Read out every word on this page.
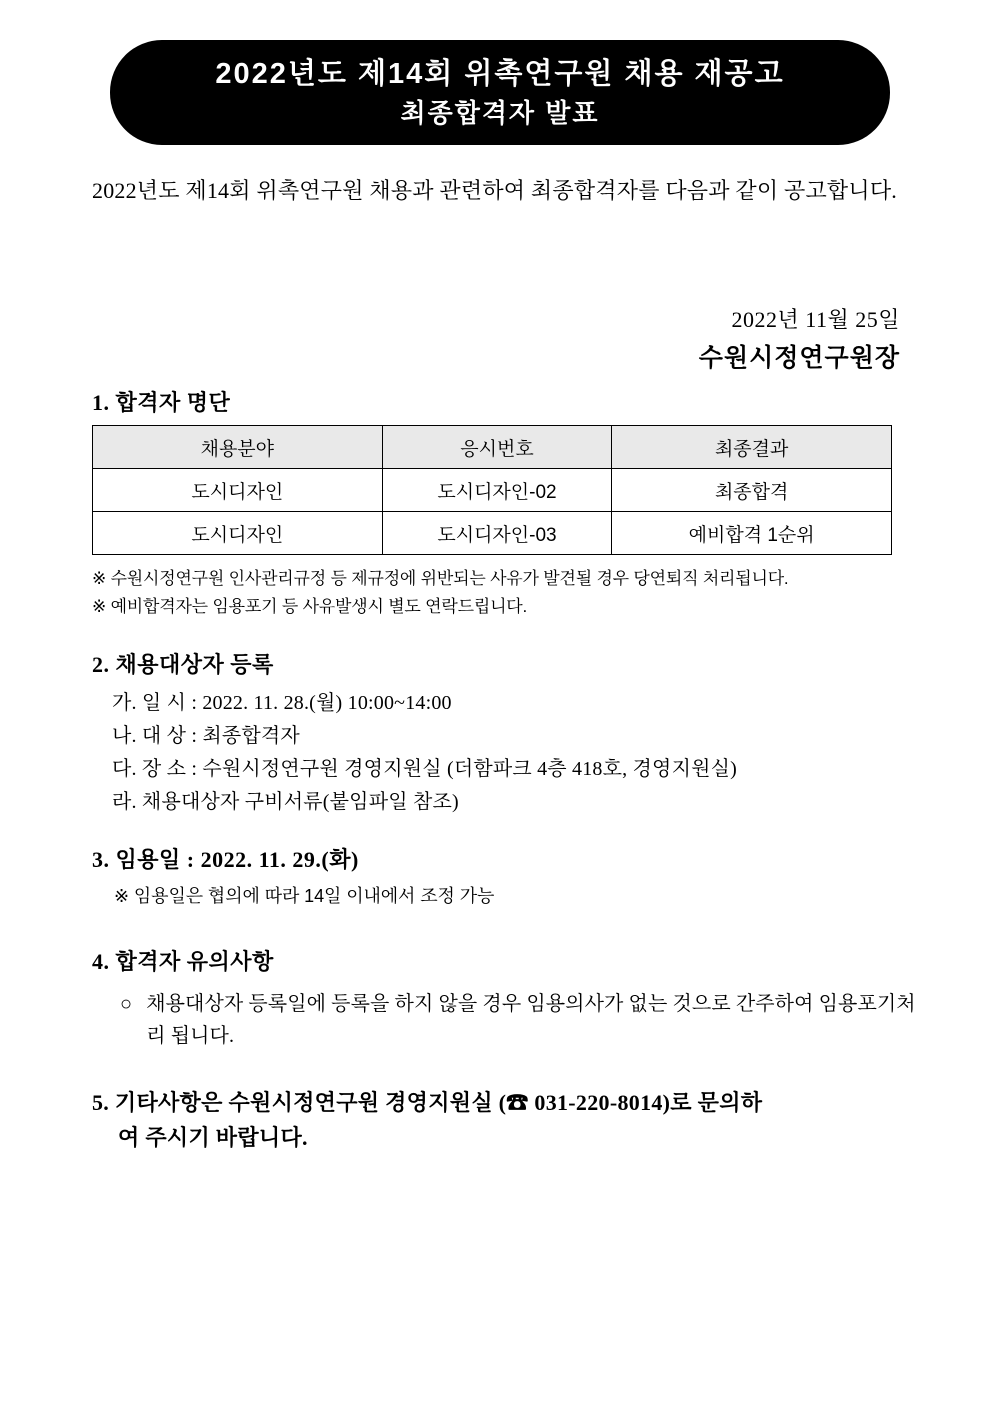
2022년도 제14회 위촉연구원 채용 재공고
최종합격자 발표
2022년도 제14회 위촉연구원 채용과 관련하여 최종합격자를 다음과 같이 공고합니다.
2022년 11월 25일
수원시정연구원장
1. 합격자 명단
채용분야	응시번호	최종결과
도시디자인	도시디자인-02	최종합격
도시디자인	도시디자인-03	예비합격 1순위
※ 수원시정연구원 인사관리규정 등 제규정에 위반되는 사유가 발견될 경우 당연퇴직 처리됩니다.
※ 예비합격자는 임용포기 등 사유발생시 별도 연락드립니다.
2. 채용대상자 등록
가. 일 시 : 2022. 11. 28.(월) 10:00~14:00
나. 대 상 : 최종합격자
다. 장 소 : 수원시정연구원 경영지원실 (더함파크 4층 418호, 경영지원실)
라. 채용대상자 구비서류(붙임파일 참조)
3. 임용일 : 2022. 11. 29.(화)
※ 임용일은 협의에 따라 14일 이내에서 조정 가능
4. 합격자 유의사항
○ 채용대상자 등록일에 등록을 하지 않을 경우 임용의사가 없는 것으로 간주하여 임용포기처리 됩니다.
5. 기타사항은 수원시정연구원 경영지원실 (☎ 031-220-8014)로 문의하
여 주시기 바랍니다.
